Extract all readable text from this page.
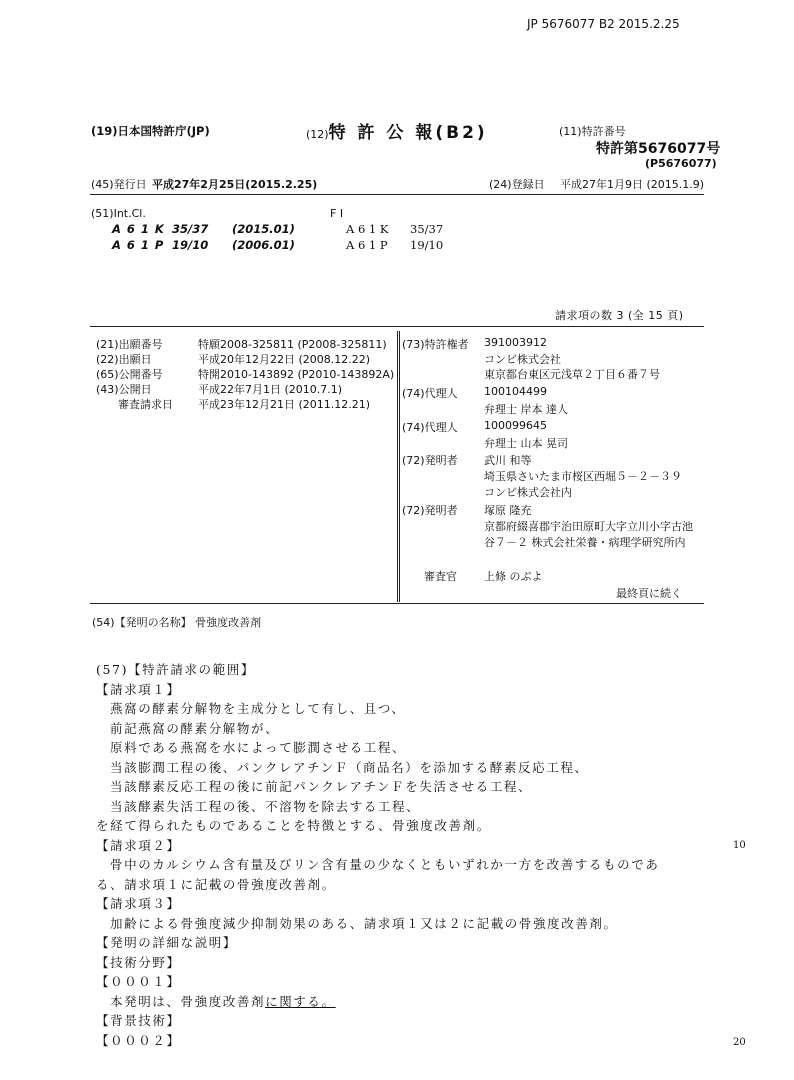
JP 5676077 B2 2015.2.25
(19)日本国特許庁(JP)	(12) 特 許 公 報(B2)	(11)特許番号
特許第5676077号
(P5676077)
(45)発行日 平成27年2月25日(2015.2.25)	(24)登録日 平成27年1月9日 (2015.1.9)
(51)Int.Cl.	F I
A 6 1 K 35/37	(2015.01)	A 6 1 K	35/37
A 6 1 P 19/10	(2006.01)	A 6 1 P	19/10
請求項の数 3 (全 15 頁)
(21)出願番号	特願2008-325811 (P2008-325811)
(22)出願日	平成20年12月22日 (2008.12.22)
(65)公開番号	特開2010-143892 (P2010-143892A)
(43)公開日	平成22年7月1日 (2010.7.1)
審査請求日	平成23年12月21日 (2011.12.21)
(73)特許権者	391003912
コンビ株式会社
東京都台東区元浅草２丁目６番７号
(74)代理人	100104499
弁理士 岸本 達人
(74)代理人	100099645
弁理士 山本 晃司
(72)発明者	武川 和等
埼玉県さいたま市桜区西堀５－２－３９
コンビ株式会社内
(72)発明者	塚原 隆充
京都府綴喜郡宇治田原町大字立川小字古池
谷７－２ 株式会社栄養・病理学研究所内
審査官	上條 のぶよ
最終頁に続く
(54)【発明の名称】 骨強度改善剤
(57)【特許請求の範囲】
【請求項１】
燕窩の酵素分解物を主成分として有し、且つ、
前記燕窩の酵素分解物が、
原料である燕窩を水によって膨潤させる工程、
当該膨潤工程の後、パンクレアチンＦ（商品名）を添加する酵素反応工程、
当該酵素反応工程の後に前記パンクレアチンＦを失活させる工程、
当該酵素失活工程の後、不溶物を除去する工程、
を経て得られたものであることを特徴とする、骨強度改善剤。
【請求項２】
骨中のカルシウム含有量及びリン含有量の少なくともいずれか一方を改善するものであ
る、請求項１に記載の骨強度改善剤。
【請求項３】
加齢による骨強度減少抑制効果のある、請求項１又は２に記載の骨強度改善剤。
【発明の詳細な説明】
【技術分野】
【０００１】
本発明は、骨強度改善剤に関する。
【背景技術】
【０００２】
10
20
